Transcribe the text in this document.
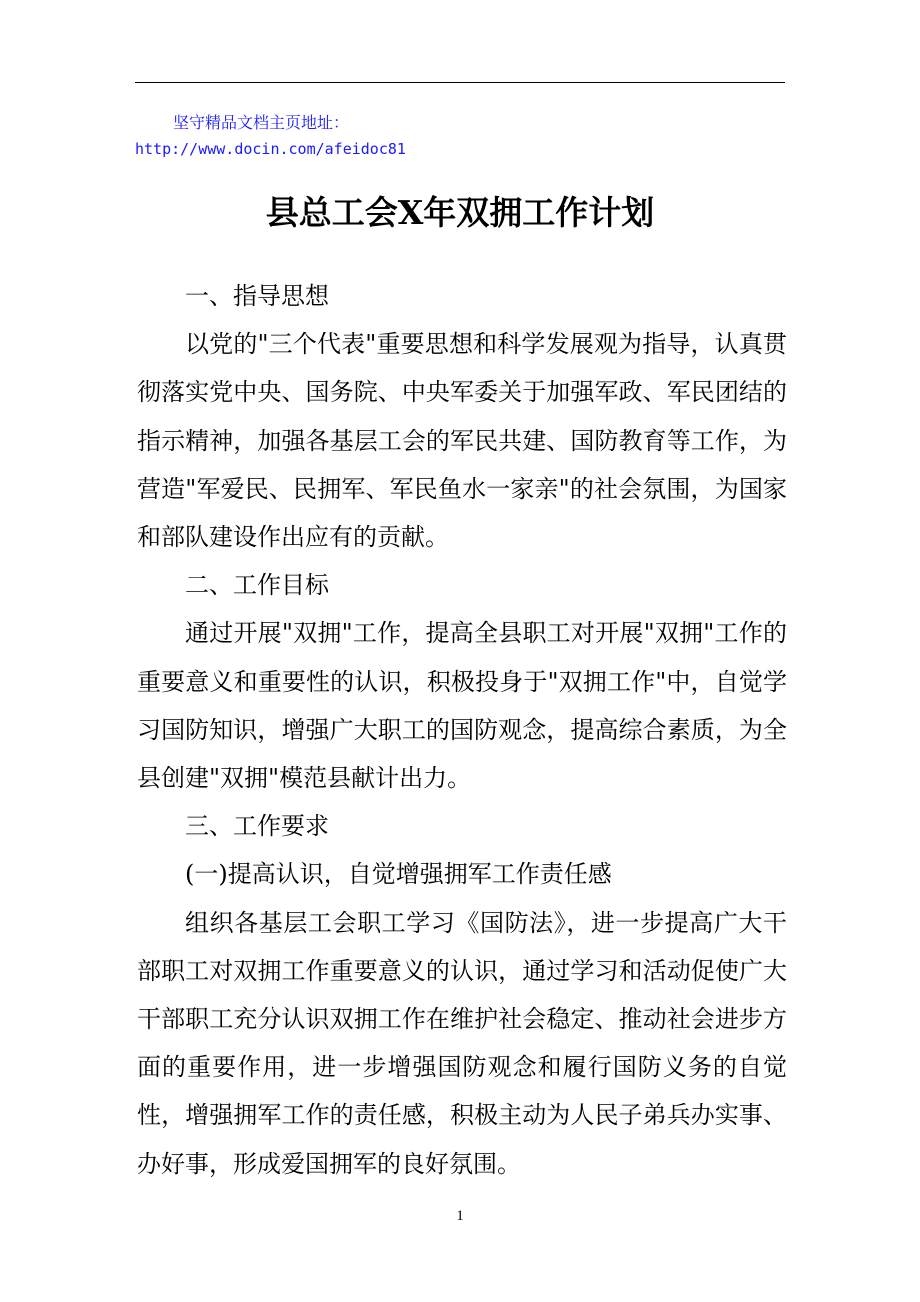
坚守精品文档主页地址：
http://www.docin.com/afeidoc81
县总工会X年双拥工作计划

一、指导思想

以党的"三个代表"重要思想和科学发展观为指导，认真贯彻落实党中央、国务院、中央军委关于加强军政、军民团结的指示精神，加强各基层工会的军民共建、国防教育等工作，为营造"军爱民、民拥军、军民鱼水一家亲"的社会氛围，为国家和部队建设作出应有的贡献。

二、工作目标

通过开展"双拥"工作，提高全县职工对开展"双拥"工作的重要意义和重要性的认识，积极投身于"双拥工作"中，自觉学习国防知识，增强广大职工的国防观念，提高综合素质，为全县创建"双拥"模范县献计出力。

三、工作要求

(一)提高认识，自觉增强拥军工作责任感

组织各基层工会职工学习《国防法》，进一步提高广大干部职工对双拥工作重要意义的认识，通过学习和活动促使广大干部职工充分认识双拥工作在维护社会稳定、推动社会进步方面的重要作用，进一步增强国防观念和履行国防义务的自觉性，增强拥军工作的责任感，积极主动为人民子弟兵办实事、办好事，形成爱国拥军的良好氛围。

1
